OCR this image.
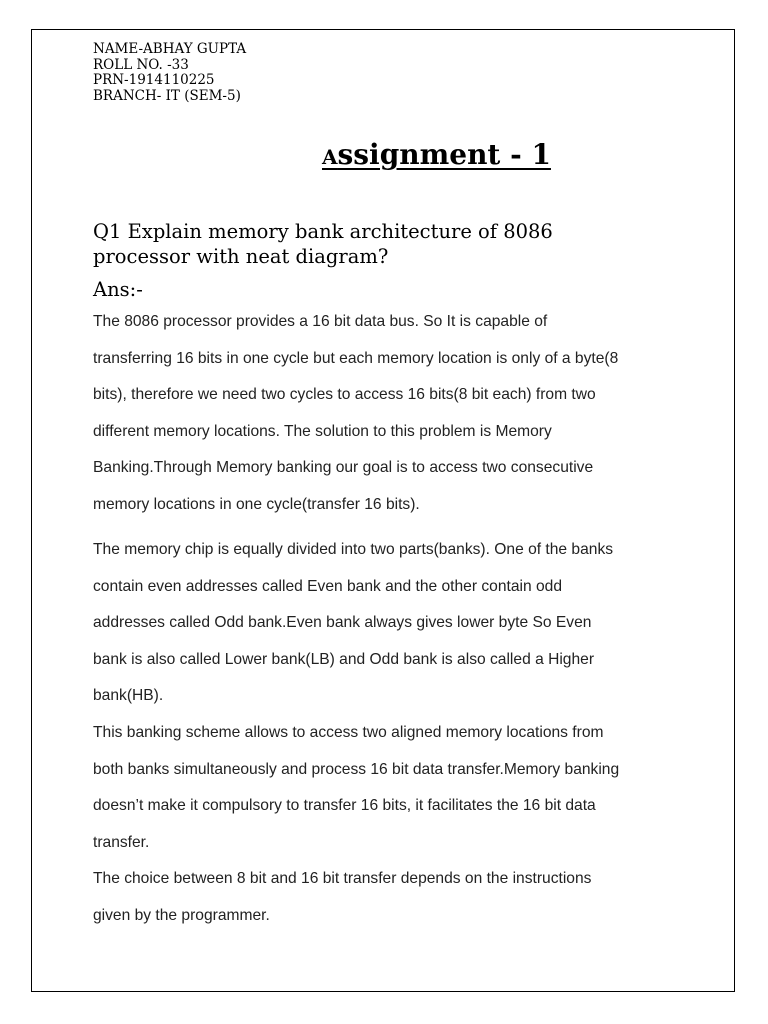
NAME-ABHAY GUPTA
ROLL NO. -33
PRN-1914110225
BRANCH- IT (SEM-5)
Assignment - 1
Q1 Explain memory bank architecture of 8086
processor with neat diagram?
Ans:-
The 8086 processor provides a 16 bit data bus. So It is capable of
transferring 16 bits in one cycle but each memory location is only of a byte(8
bits), therefore we need two cycles to access 16 bits(8 bit each) from two
different memory locations. The solution to this problem is Memory
Banking.Through Memory banking our goal is to access two consecutive
memory locations in one cycle(transfer 16 bits).
The memory chip is equally divided into two parts(banks). One of the banks
contain even addresses called Even bank and the other contain odd
addresses called Odd bank.Even bank always gives lower byte So Even
bank is also called Lower bank(LB) and Odd bank is also called a Higher
bank(HB).
This banking scheme allows to access two aligned memory locations from
both banks simultaneously and process 16 bit data transfer.Memory banking
doesn’t make it compulsory to transfer 16 bits, it facilitates the 16 bit data
transfer.
The choice between 8 bit and 16 bit transfer depends on the instructions
given by the programmer.
